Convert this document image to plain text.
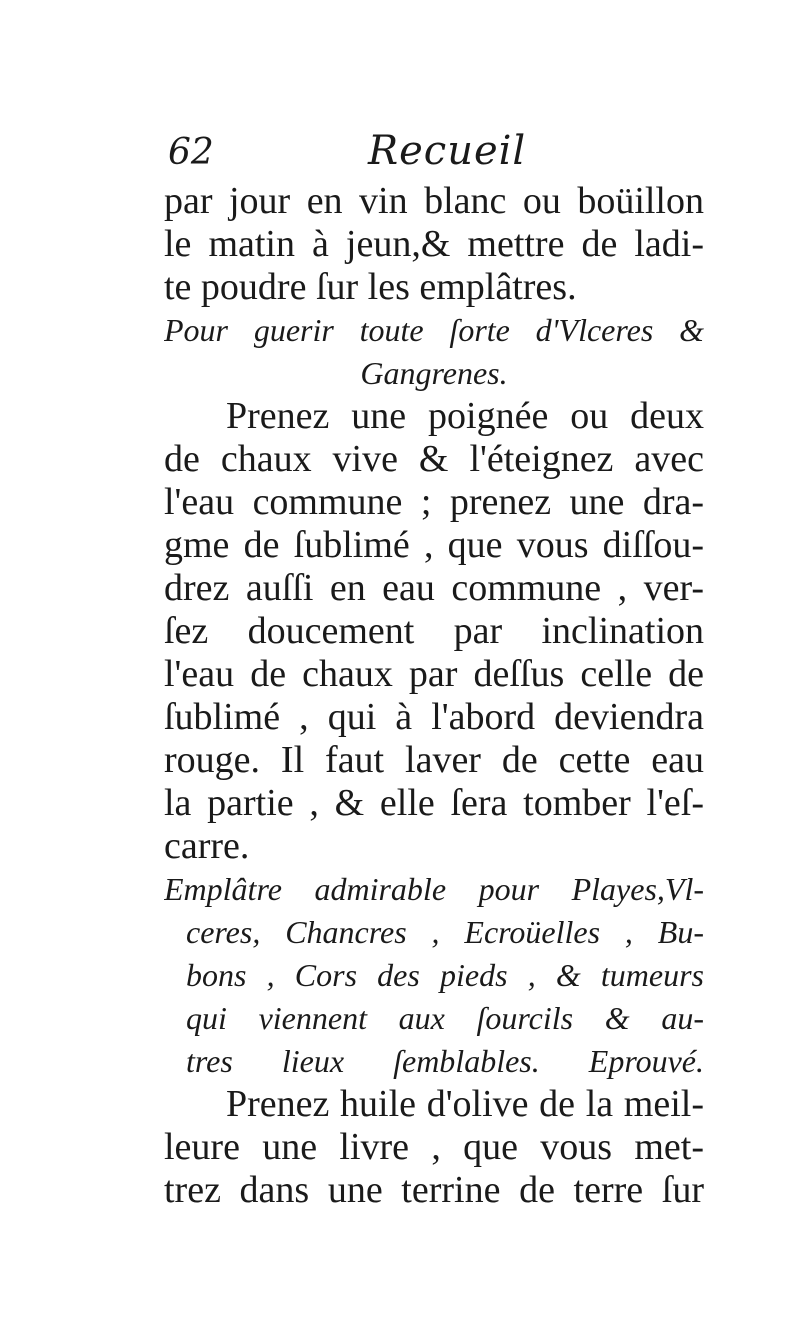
62	Recueil
par jour en vin blanc ou boüillon
le matin à jeun,& mettre de ladi-
te poudre ſur les emplâtres.
Pour guerir toute ſorte d'Vlceres &
Gangrenes.
Prenez une poignée ou deux
de chaux vive & l'éteignez avec
l'eau commune ; prenez une dra-
gme de ſublimé , que vous diſſou-
drez auſſi en eau commune , ver-
ſez doucement par inclination
l'eau de chaux par deſſus celle de
ſublimé , qui à l'abord deviendra
rouge. Il faut laver de cette eau
la partie , & elle ſera tomber l'eſ-
carre.
Emplâtre admirable pour Playes,Vl-
ceres, Chancres , Ecroüelles , Bu-
bons , Cors des pieds , & tumeurs
qui viennent aux ſourcils & au-
tres lieux ſemblables. Eprouvé.
Prenez huile d'olive de la meil-
leure une livre , que vous met-
trez dans une terrine de terre ſur
